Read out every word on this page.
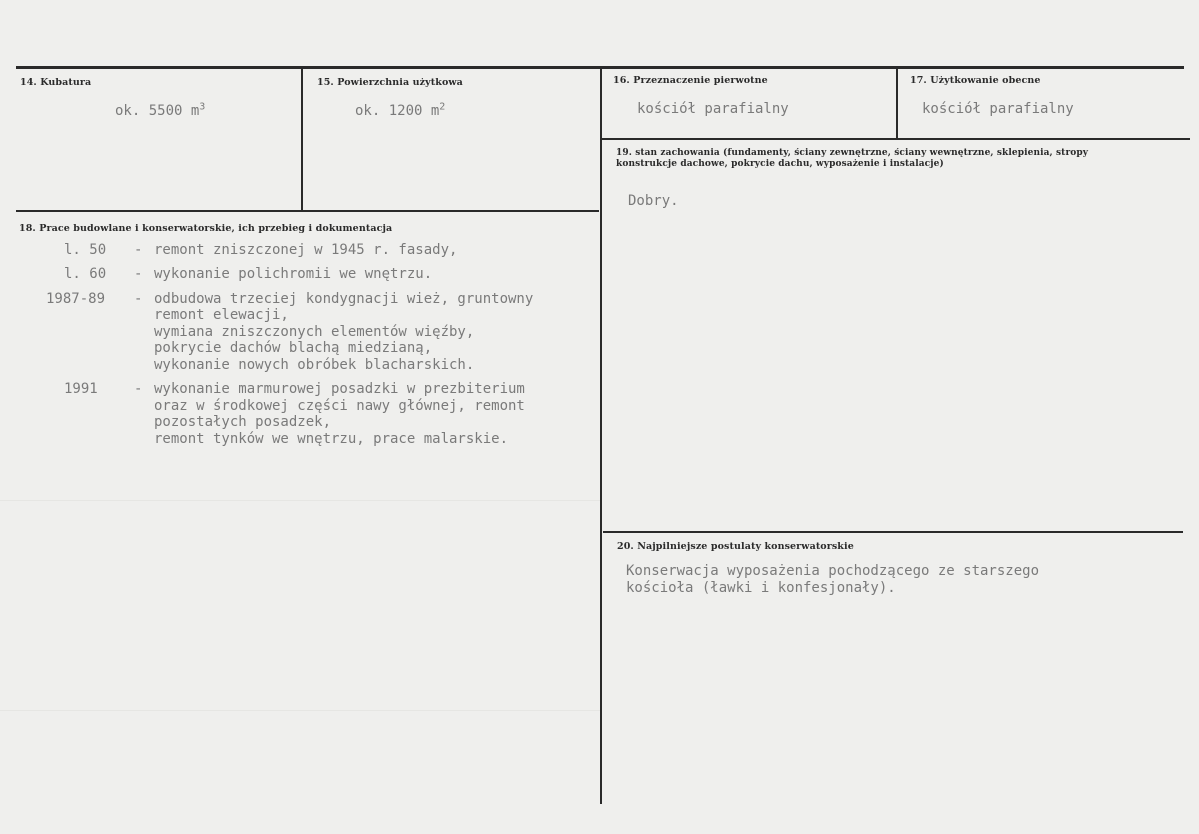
14. Kubatura
ok. 5500 $m^3$
15. Powierzchnia użytkowa
ok. 1200 $m^2$
16. Przeznaczenie pierwotne
kościół parafialny
17. Użytkowanie obecne
kościół parafialny
19. stan zachowania (fundamenty, ściany zewnętrzne, ściany wewnętrzne, sklepienia, stropy
konstrukcje dachowe, pokrycie dachu, wyposażenie i instalacje)
Dobry.
18. Prace budowlane i konserwatorskie, ich przebieg i dokumentacja
l. 50 - remont zniszczonej w 1945 r. fasady,
l. 60 - wykonanie polichromii we wnętrzu.
1987-89 - odbudowa trzeciej kondygnacji wież, gruntowny
remont elewacji,
wymiana zniszczonych elementów więźby,
pokrycie dachów blachą miedzianą,
wykonanie nowych obróbek blacharskich.
1991	- wykonanie marmurowej posadzki w prezbiterium
oraz w środkowej części nawy głównej, remont
pozostałych posadzek,
remont tynków we wnętrzu, prace malarskie.
20. Najpilniejsze postulaty konserwatorskie
Konserwacja wyposażenia pochodzącego ze starszego
kościoła (ławki i konfesjonały).
